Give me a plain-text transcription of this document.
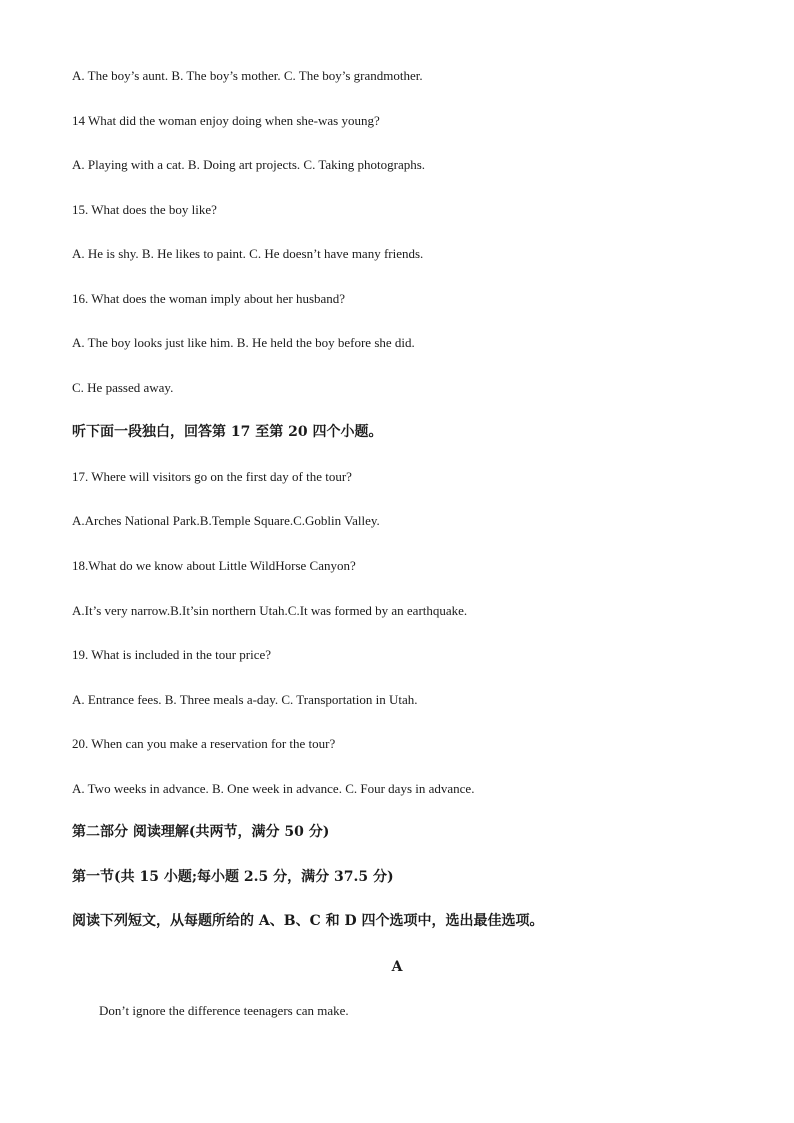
A. The boy’s aunt. B. The boy’s mother. C. The boy’s grandmother.
14 What did the woman enjoy doing when she-was young?
A. Playing with a cat. B. Doing art projects. C. Taking photographs.
15. What does the boy like?
A. He is shy. B. He likes to paint. C. He doesn’t have many friends.
16. What does the woman imply about her husband?
A. The boy looks just like him. B. He held the boy before she did.
C. He passed away.
听下面一段独白，回答第 17 至第 20 四个小题。
17. Where will visitors go on the first day of the tour?
A.Arches National Park.B.Temple Square.C.Goblin Valley.
18.What do we know about Little WildHorse Canyon?
A.It’s very narrow.B.It’sin northern Utah.C.It was formed by an earthquake.
19. What is included in the tour price?
A. Entrance fees. B. Three meals a-day. C. Transportation in Utah.
20. When can you make a reservation for the tour?
A. Two weeks in advance. B. One week in advance. C. Four days in advance.
第二部分 阅读理解(共两节，满分 50 分)
第一节(共 15 小题;每小题 2.5 分，满分 37.5 分)
阅读下列短文，从每题所给的 A、B、C 和 D 四个选项中，选出最佳选项。
A
Don’t ignore the difference teenagers can make.
